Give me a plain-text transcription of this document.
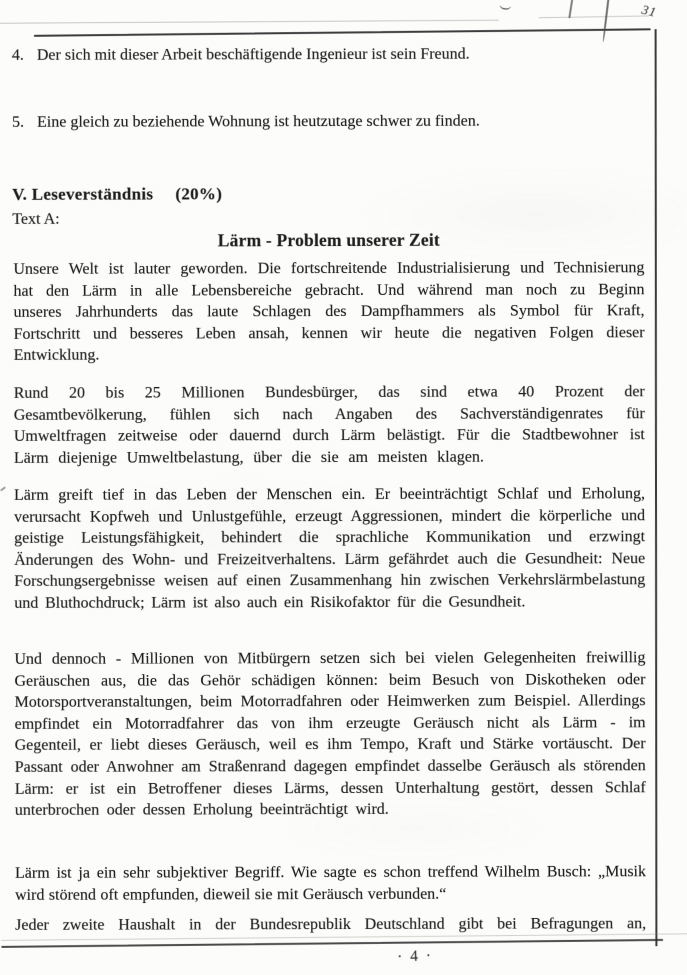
)	31
4. Der sich mit dieser Arbeit beschäftigende Ingenieur ist sein Freund.
5. Eine gleich zu beziehende Wohnung ist heutzutage schwer zu finden.
V. Leseverständnis (20%)
Text A:
Lärm - Problem unserer Zeit

Unsere Welt ist lauter geworden. Die fortschreitende Industrialisierung und Technisierung hat den Lärm in alle Lebensbereiche gebracht. Und während man noch zu Beginn unseres Jahrhunderts das laute Schlagen des Dampfhammers als Symbol für Kraft, Fortschritt und besseres Leben ansah, kennen wir heute die negativen Folgen dieser Entwicklung.

Rund 20 bis 25 Millionen Bundesbürger, das sind etwa 40 Prozent der Gesamtbevölkerung, fühlen sich nach Angaben des Sachverständigenrates für Umweltfragen zeitweise oder dauernd durch Lärm belästigt. Für die Stadtbewohner ist Lärm diejenige Umweltbelastung, über die sie am meisten klagen.

Lärm greift tief in das Leben der Menschen ein. Er beeinträchtigt Schlaf und Erholung, verursacht Kopfweh und Unlustgefühle, erzeugt Aggressionen, mindert die körperliche und geistige Leistungsfähigkeit, behindert die sprachliche Kommunikation und erzwingt Änderungen des Wohn- und Freizeitverhaltens. Lärm gefährdet auch die Gesundheit: Neue Forschungsergebnisse weisen auf einen Zusammenhang hin zwischen Verkehrslärmbelastung und Bluthochdruck; Lärm ist also auch ein Risikofaktor für die Gesundheit.

Und dennoch - Millionen von Mitbürgern setzen sich bei vielen Gelegenheiten freiwillig Geräuschen aus, die das Gehör schädigen können: beim Besuch von Diskotheken oder Motorsportveranstaltungen, beim Motorradfahren oder Heimwerken zum Beispiel. Allerdings empfindet ein Motorradfahrer das von ihm erzeugte Geräusch nicht als Lärm - im Gegenteil, er liebt dieses Geräusch, weil es ihm Tempo, Kraft und Stärke vortäuscht. Der Passant oder Anwohner am Straßenrand dagegen empfindet dasselbe Geräusch als störenden Lärm: er ist ein Betroffener dieses Lärms, dessen Unterhaltung gestört, dessen Schlaf unterbrochen oder dessen Erholung beeinträchtigt wird.

Lärm ist ja ein sehr subjektiver Begriff. Wie sagte es schon treffend Wilhelm Busch: „Musik wird störend oft empfunden, dieweil sie mit Geräusch verbunden.“

Jeder zweite Haushalt in der Bundesrepublik Deutschland gibt bei Befragungen an,

· 4 ·
